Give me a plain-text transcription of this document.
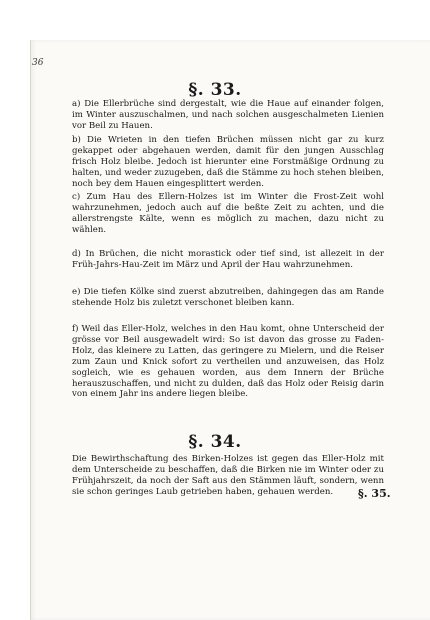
36
§. 33.

a) Die Ellerbrüche sind dergestalt, wie die Haue auf einander folgen, im Winter auszuschalmen, und nach solchen ausgeschalmeten Lienien vor Beil zu Hauen.

b) Die Wrieten in den tiefen Brüchen müssen nicht gar zu kurz gekappet oder abgehauen werden, damit für den jungen Ausschlag frisch Holz bleibe. Jedoch ist hierunter eine Forstmäßige Ordnung zu halten, und weder zuzugeben, daß die Stämme zu hoch stehen bleiben, noch bey dem Hauen eingesplittert werden.

c) Zum Hau des Ellern-Holzes ist im Winter die Frost-Zeit wohl wahrzunehmen, jedoch auch auf die beßte Zeit zu achten, und die allerstrengste Kälte, wenn es möglich zu machen, dazu nicht zu wählen.

d) In Brüchen, die nicht morastick oder tief sind, ist allezeit in der Früh-Jahrs-Hau-Zeit im März und April der Hau wahrzunehmen.

e) Die tiefen Kölke sind zuerst abzutreiben, dahingegen das am Rande stehende Holz bis zuletzt verschonet bleiben kann.

f) Weil das Eller-Holz, welches in den Hau komt, ohne Unterscheid der grösse vor Beil ausgewadelt wird: So ist davon das grosse zu Faden-Holz, das kleinere zu Latten, das geringere zu Mielern, und die Reiser zum Zaun und Knick sofort zu vertheilen und anzuweisen, das Holz sogleich, wie es gehauen worden, aus dem Innern der Brüche herauszuschaffen, und nicht zu dulden, daß das Holz oder Reisig darin von einem Jahr ins andere liegen bleibe.

§. 34.

Die Bewirthschaftung des Birken-Holzes ist gegen das Eller-Holz mit dem Unterscheide zu beschaffen, daß die Birken nie im Winter oder zu Frühjahrszeit, da noch der Saft aus den Stämmen läuft, sondern, wenn sie schon geringes Laub getrieben haben, gehauen werden.	§. 35.
